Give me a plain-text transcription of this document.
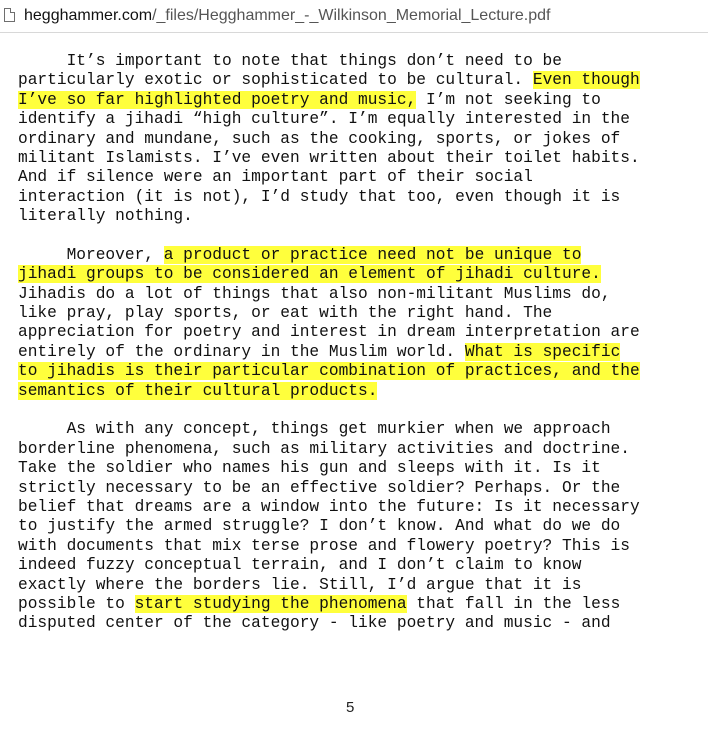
hegghammer.com/_files/Hegghammer_-_Wilkinson_Memorial_Lecture.pdf
It’s important to note that things don’t need to be
particularly exotic or sophisticated to be cultural. Even though
I’ve so far highlighted poetry and music, I’m not seeking to
identify a jihadi “high culture”. I’m equally interested in the
ordinary and mundane, such as the cooking, sports, or jokes of
militant Islamists. I’ve even written about their toilet habits.
And if silence were an important part of their social
interaction (it is not), I’d study that too, even though it is
literally nothing.
Moreover, a product or practice need not be unique to
jihadi groups to be considered an element of jihadi culture.
Jihadis do a lot of things that also non-militant Muslims do,
like pray, play sports, or eat with the right hand. The
appreciation for poetry and interest in dream interpretation are
entirely of the ordinary in the Muslim world. What is specific
to jihadis is their particular combination of practices, and the
semantics of their cultural products.
As with any concept, things get murkier when we approach
borderline phenomena, such as military activities and doctrine.
Take the soldier who names his gun and sleeps with it. Is it
strictly necessary to be an effective soldier? Perhaps. Or the
belief that dreams are a window into the future: Is it necessary
to justify the armed struggle? I don’t know. And what do we do
with documents that mix terse prose and flowery poetry? This is
indeed fuzzy conceptual terrain, and I don’t claim to know
exactly where the borders lie. Still, I’d argue that it is
possible to start studying the phenomena that fall in the less
disputed center of the category - like poetry and music - and
5
